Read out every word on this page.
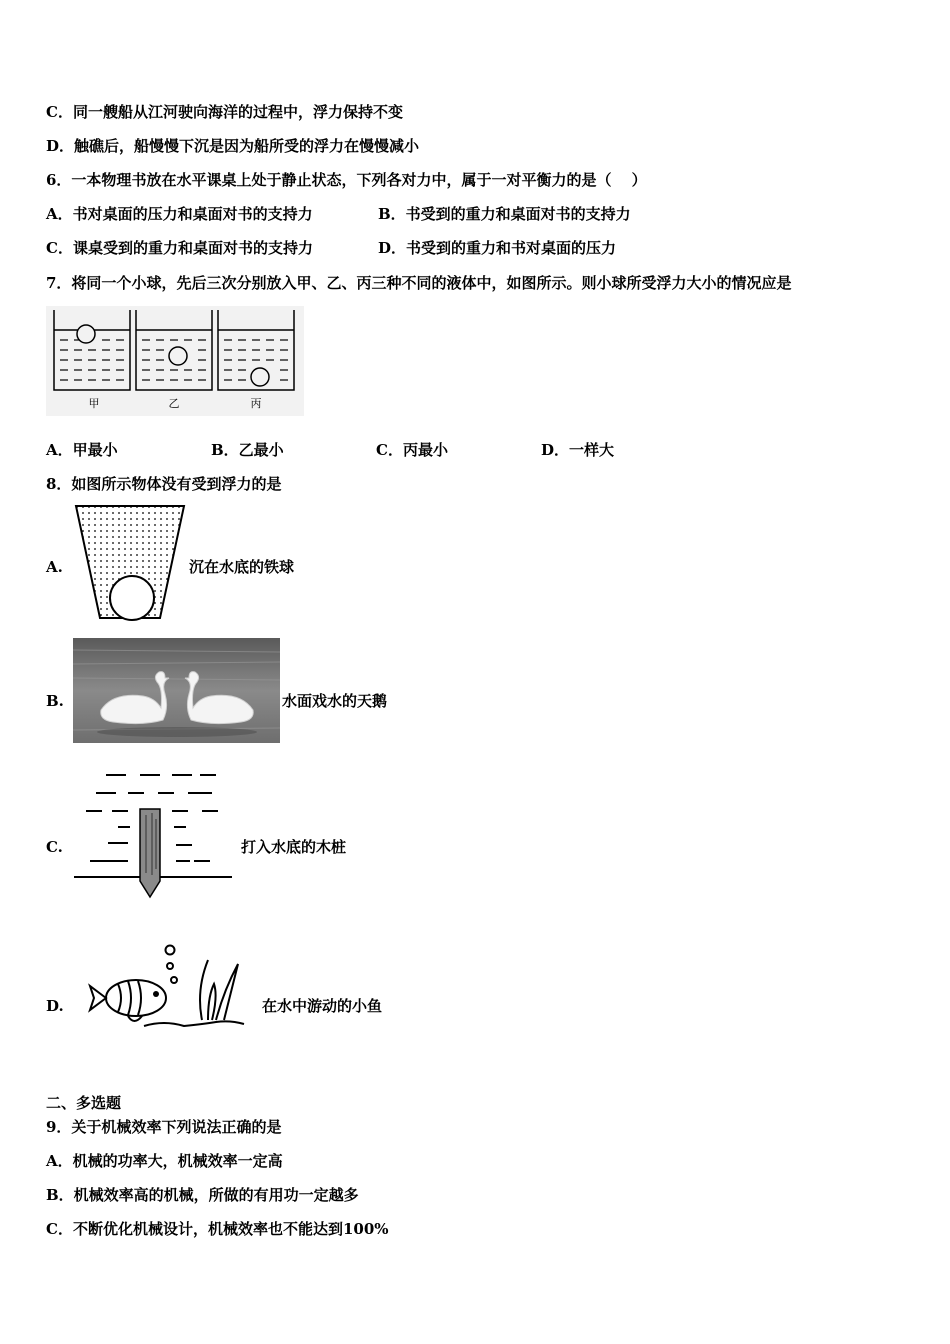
C．同一艘船从江河驶向海洋的过程中，浮力保持不变
D．触礁后，船慢慢下沉是因为船所受的浮力在慢慢减小
6．一本物理书放在水平课桌上处于静止状态，下列各对力中，属于一对平衡力的是（　 ）
A．书对桌面的压力和桌面对书的支持力	B．书受到的重力和桌面对书的支持力
C．课桌受到的重力和桌面对书的支持力	D．书受到的重力和书对桌面的压力
7．将同一个小球，先后三次分别放入甲、乙、丙三种不同的液体中，如图所示。则小球所受浮力大小的情况应是
甲	乙	丙
A．甲最小	B．乙最小	C．丙最小	D．一样大
8．如图所示物体没有受到浮力的是
A.	沉在水底的铁球
B.	水面戏水的天鹅
C.	打入水底的木桩
D.	在水中游动的小鱼
二、多选题
9．关于机械效率下列说法正确的是
A．机械的功率大，机械效率一定高
B．机械效率高的机械，所做的有用功一定越多
C．不断优化机械设计，机械效率也不能达到100%
